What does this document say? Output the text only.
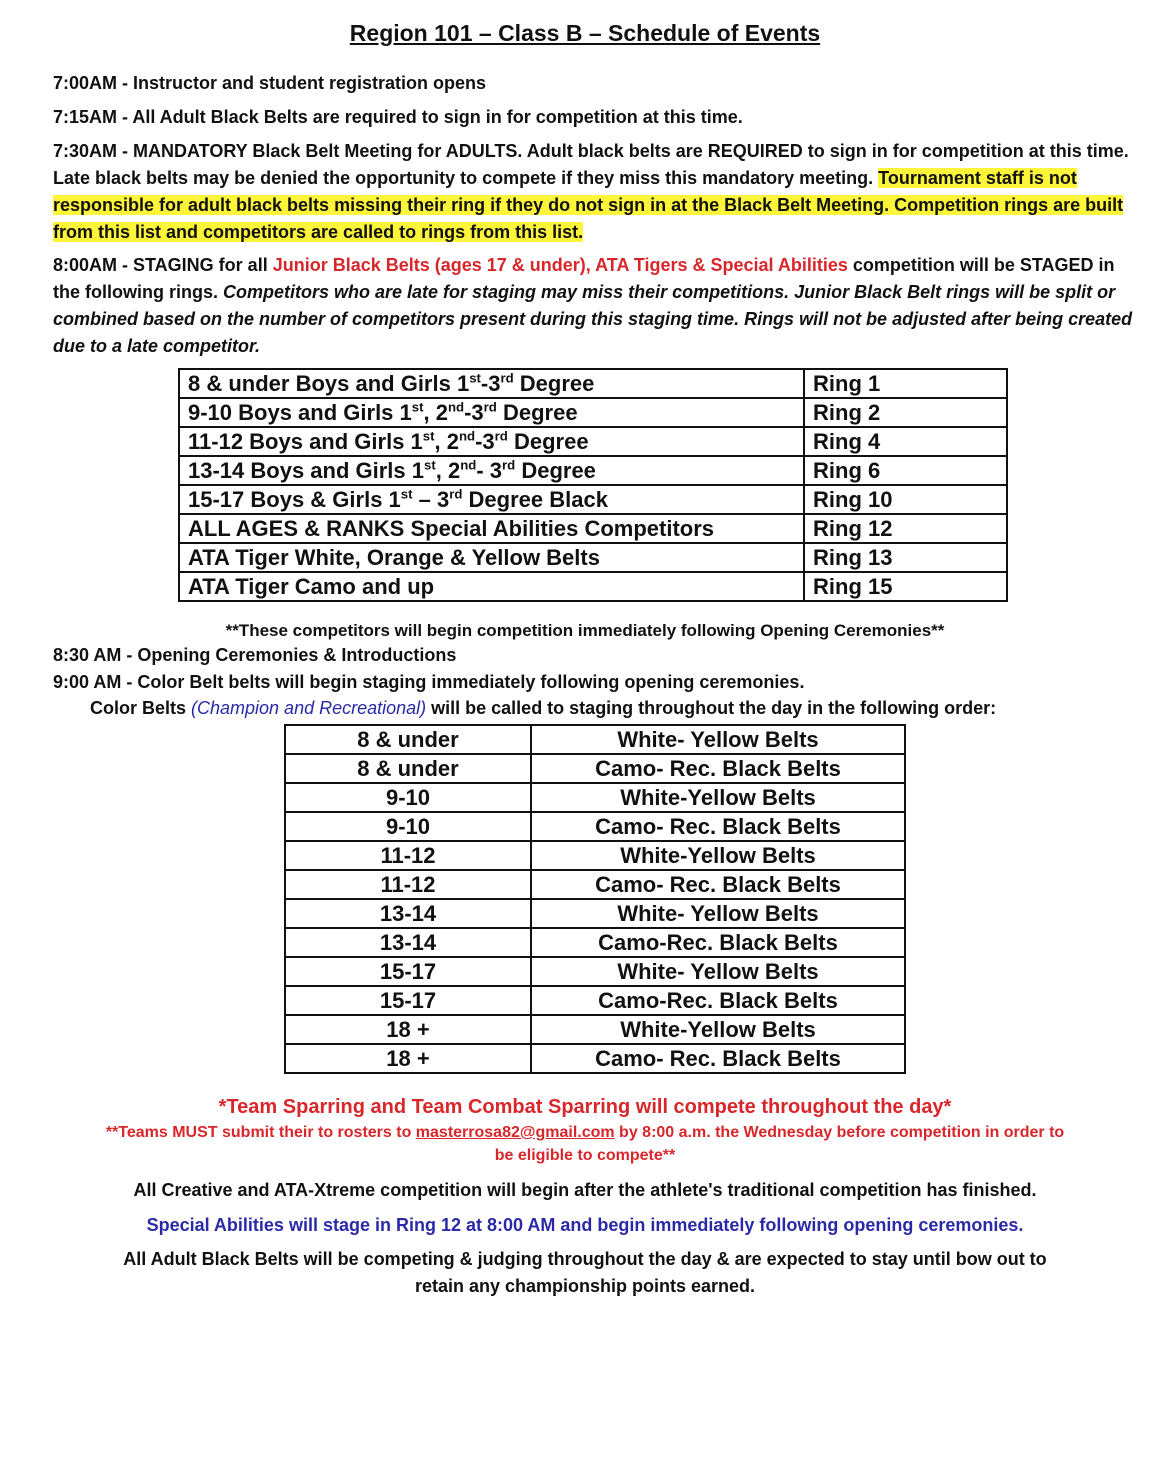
Region 101 – Class B – Schedule of Events
7:00AM - Instructor and student registration opens
7:15AM - All Adult Black Belts are required to sign in for competition at this time.
7:30AM - MANDATORY Black Belt Meeting for ADULTS. Adult black belts are REQUIRED to sign in for competition at this time. Late black belts may be denied the opportunity to compete if they miss this mandatory meeting. Tournament staff is not responsible for adult black belts missing their ring if they do not sign in at the Black Belt Meeting. Competition rings are built from this list and competitors are called to rings from this list.
8:00AM - STAGING for all Junior Black Belts (ages 17 & under), ATA Tigers & Special Abilities competition will be STAGED in the following rings. Competitors who are late for staging may miss their competitions. Junior Black Belt rings will be split or combined based on the number of competitors present during this staging time. Rings will not be adjusted after being created due to a late competitor.
8 & under Boys and Girls 1st-3rd Degree	Ring 1
9-10 Boys and Girls 1st, 2nd-3rd Degree	Ring 2
11-12 Boys and Girls 1st, 2nd-3rd Degree	Ring 4
13-14 Boys and Girls 1st, 2nd- 3rd Degree	Ring 6
15-17 Boys & Girls 1st – 3rd Degree Black	Ring 10
ALL AGES & RANKS Special Abilities Competitors	Ring 12
ATA Tiger White, Orange & Yellow Belts	Ring 13
ATA Tiger Camo and up	Ring 15
**These competitors will begin competition immediately following Opening Ceremonies**
8:30 AM - Opening Ceremonies & Introductions
9:00 AM - Color Belt belts will begin staging immediately following opening ceremonies.
Color Belts (Champion and Recreational) will be called to staging throughout the day in the following order:
8 & under	White- Yellow Belts
8 & under	Camo- Rec. Black Belts
9-10	White-Yellow Belts
9-10	Camo- Rec. Black Belts
11-12	White-Yellow Belts
11-12	Camo- Rec. Black Belts
13-14	White- Yellow Belts
13-14	Camo-Rec. Black Belts
15-17	White- Yellow Belts
15-17	Camo-Rec. Black Belts
18 +	White-Yellow Belts
18 +	Camo- Rec. Black Belts
*Team Sparring and Team Combat Sparring will compete throughout the day*
**Teams MUST submit their to rosters to masterrosa82@gmail.com by 8:00 a.m. the Wednesday before competition in order to
be eligible to compete**
All Creative and ATA-Xtreme competition will begin after the athlete's traditional competition has finished.
Special Abilities will stage in Ring 12 at 8:00 AM and begin immediately following opening ceremonies.
All Adult Black Belts will be competing & judging throughout the day & are expected to stay until bow out to
retain any championship points earned.
